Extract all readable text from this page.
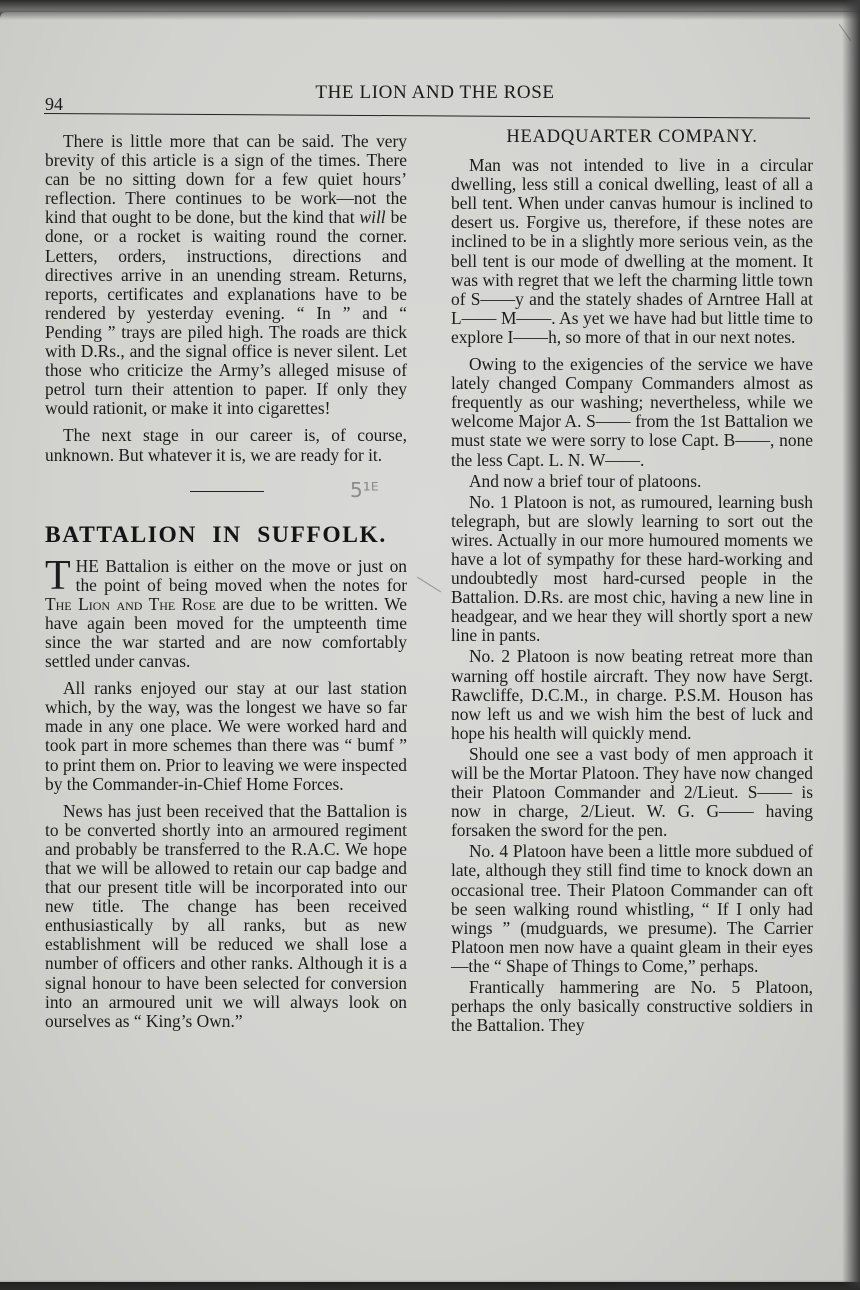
94
THE LION AND THE ROSE

There is little more that can be said. The very brevity of this article is a sign of the times. There can be no sitting down for a few quiet hours’ reflection. There continues to be work—not the kind that ought to be done, but the kind that will be done, or a rocket is waiting round the corner. Letters, orders, instructions, directions and directives arrive in an unending stream. Returns, reports, certificates and explanations have to be rendered by yesterday evening. “ In ” and “ Pending ” trays are piled high. The roads are thick with D.Rs., and the signal office is never silent. Let those who criticize the Army’s alleged misuse of petrol turn their attention to paper. If only they would rationit, or make it into cigarettes!

The next stage in our career is, of course, unknown. But whatever it is, we are ready for it.

5¹ᴱ
BATTALION IN SUFFOLK.

THE Battalion is either on the move or just on the point of being moved when the notes for The Lion and The Rose are due to be written. We have again been moved for the umpteenth time since the war started and are now comfortably settled under canvas.

All ranks enjoyed our stay at our last station which, by the way, was the longest we have so far made in any one place. We were worked hard and took part in more schemes than there was “ bumf ” to print them on. Prior to leaving we were inspected by the Commander-in-Chief Home Forces.

News has just been received that the Battalion is to be converted shortly into an armoured regiment and probably be transferred to the R.A.C. We hope that we will be allowed to retain our cap badge and that our present title will be incorporated into our new title. The change has been received enthusiastically by all ranks, but as new establishment will be reduced we shall lose a number of officers and other ranks. Although it is a signal honour to have been selected for conversion into an armoured unit we will always look on ourselves as “ King’s Own.”

HEADQUARTER COMPANY.

Man was not intended to live in a circular dwelling, less still a conical dwelling, least of all a bell tent. When under canvas humour is inclined to desert us. Forgive us, therefore, if these notes are inclined to be in a slightly more serious vein, as the bell tent is our mode of dwelling at the moment. It was with regret that we left the charming little town of S——y and the stately shades of Arntree Hall at L—— M——. As yet we have had but little time to explore I——h, so more of that in our next notes.

Owing to the exigencies of the service we have lately changed Company Commanders almost as frequently as our washing; nevertheless, while we welcome Major A. S—— from the 1st Battalion we must state we were sorry to lose Capt. B——, none the less Capt. L. N. W——.

And now a brief tour of platoons.

No. 1 Platoon is not, as rumoured, learning bush telegraph, but are slowly learning to sort out the wires. Actually in our more humoured moments we have a lot of sympathy for these hard-working and undoubtedly most hard-cursed people in the Battalion. D.Rs. are most chic, having a new line in headgear, and we hear they will shortly sport a new line in pants.

No. 2 Platoon is now beating retreat more than warning off hostile aircraft. They now have Sergt. Rawcliffe, D.C.M., in charge. P.S.M. Houson has now left us and we wish him the best of luck and hope his health will quickly mend.

Should one see a vast body of men approach it will be the Mortar Platoon. They have now changed their Platoon Commander and 2/Lieut. S—— is now in charge, 2/Lieut. W. G. G—— having forsaken the sword for the pen.

No. 4 Platoon have been a little more subdued of late, although they still find time to knock down an occasional tree. Their Platoon Commander can oft be seen walking round whistling, “ If I only had wings ” (mudguards, we presume). The Carrier Platoon men now have a quaint gleam in their eyes—the “ Shape of Things to Come,” perhaps.

Frantically hammering are No. 5 Platoon, perhaps the only basically constructive soldiers in the Battalion. They
